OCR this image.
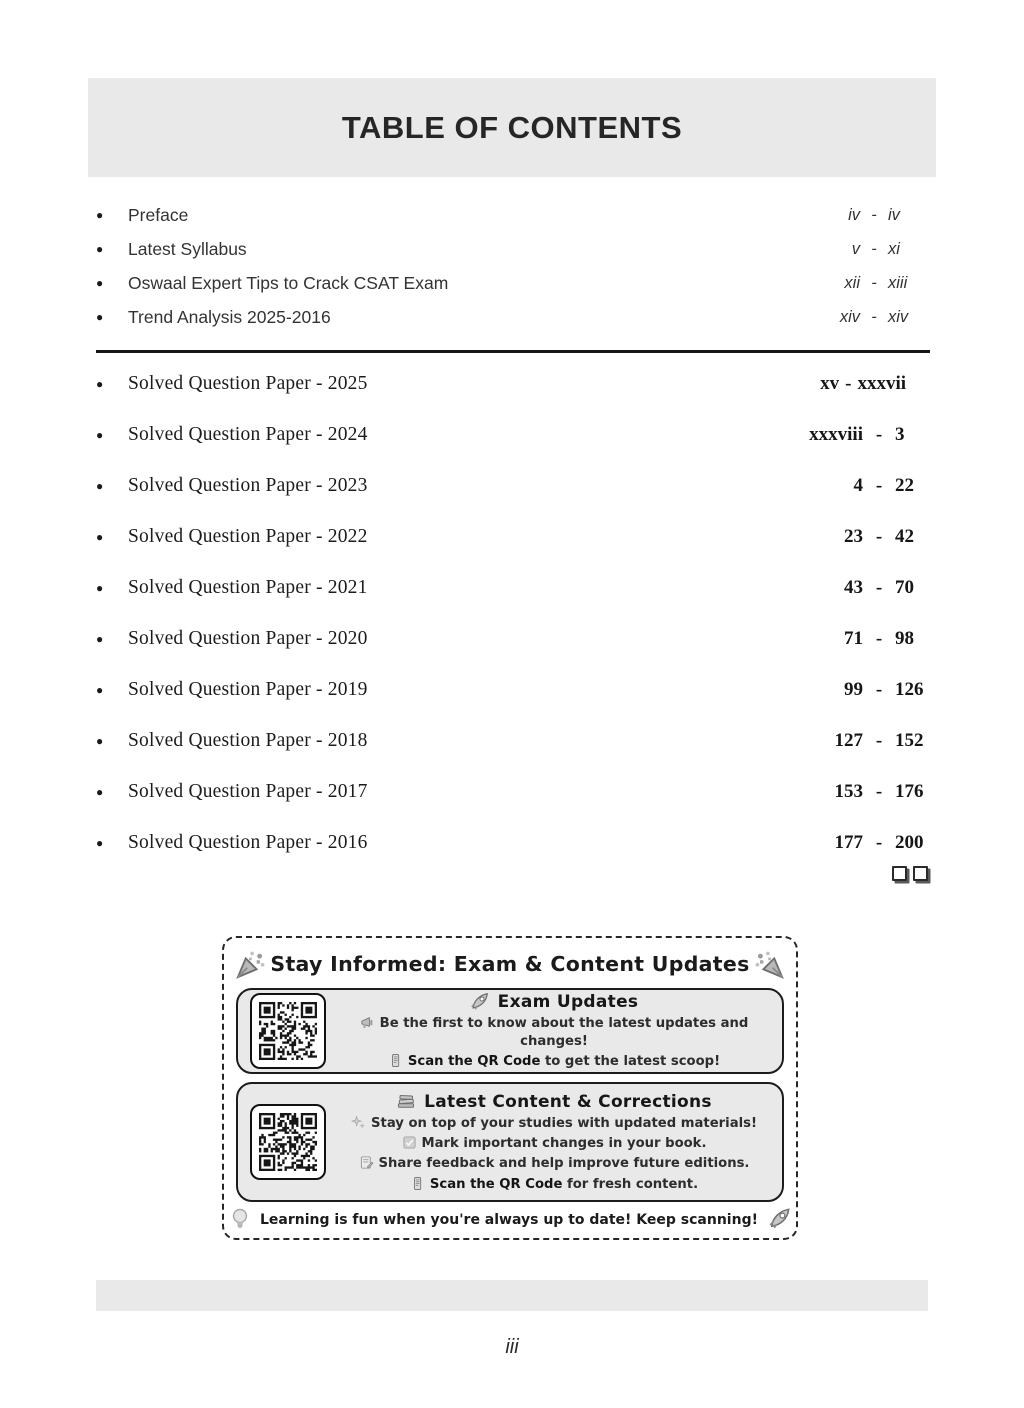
TABLE OF CONTENTS
●	Preface	iv - iv
●	Latest Syllabus	v - xi
●	Oswaal Expert Tips to Crack CSAT Exam	xii - xiii
●	Trend Analysis 2025-2016	xiv - xiv
●	Solved Question Paper - 2025	xv - xxxvii
●	Solved Question Paper - 2024	xxxviii - 3
●	Solved Question Paper - 2023	4 - 22
●	Solved Question Paper - 2022	23 - 42
●	Solved Question Paper - 2021	43 - 70
●	Solved Question Paper - 2020	71 - 98
●	Solved Question Paper - 2019	99 - 126
●	Solved Question Paper - 2018	127 - 152
●	Solved Question Paper - 2017	153 - 176
●	Solved Question Paper - 2016	177 - 200
Stay Informed: Exam & Content Updates
Exam Updates
Be the first to know about the latest updates and changes!
Scan the QR Code to get the latest scoop!
Latest Content & Corrections
Stay on top of your studies with updated materials!
Mark important changes in your book.
Share feedback and help improve future editions.
Scan the QR Code for fresh content.
Learning is fun when you're always up to date! Keep scanning!
iii
